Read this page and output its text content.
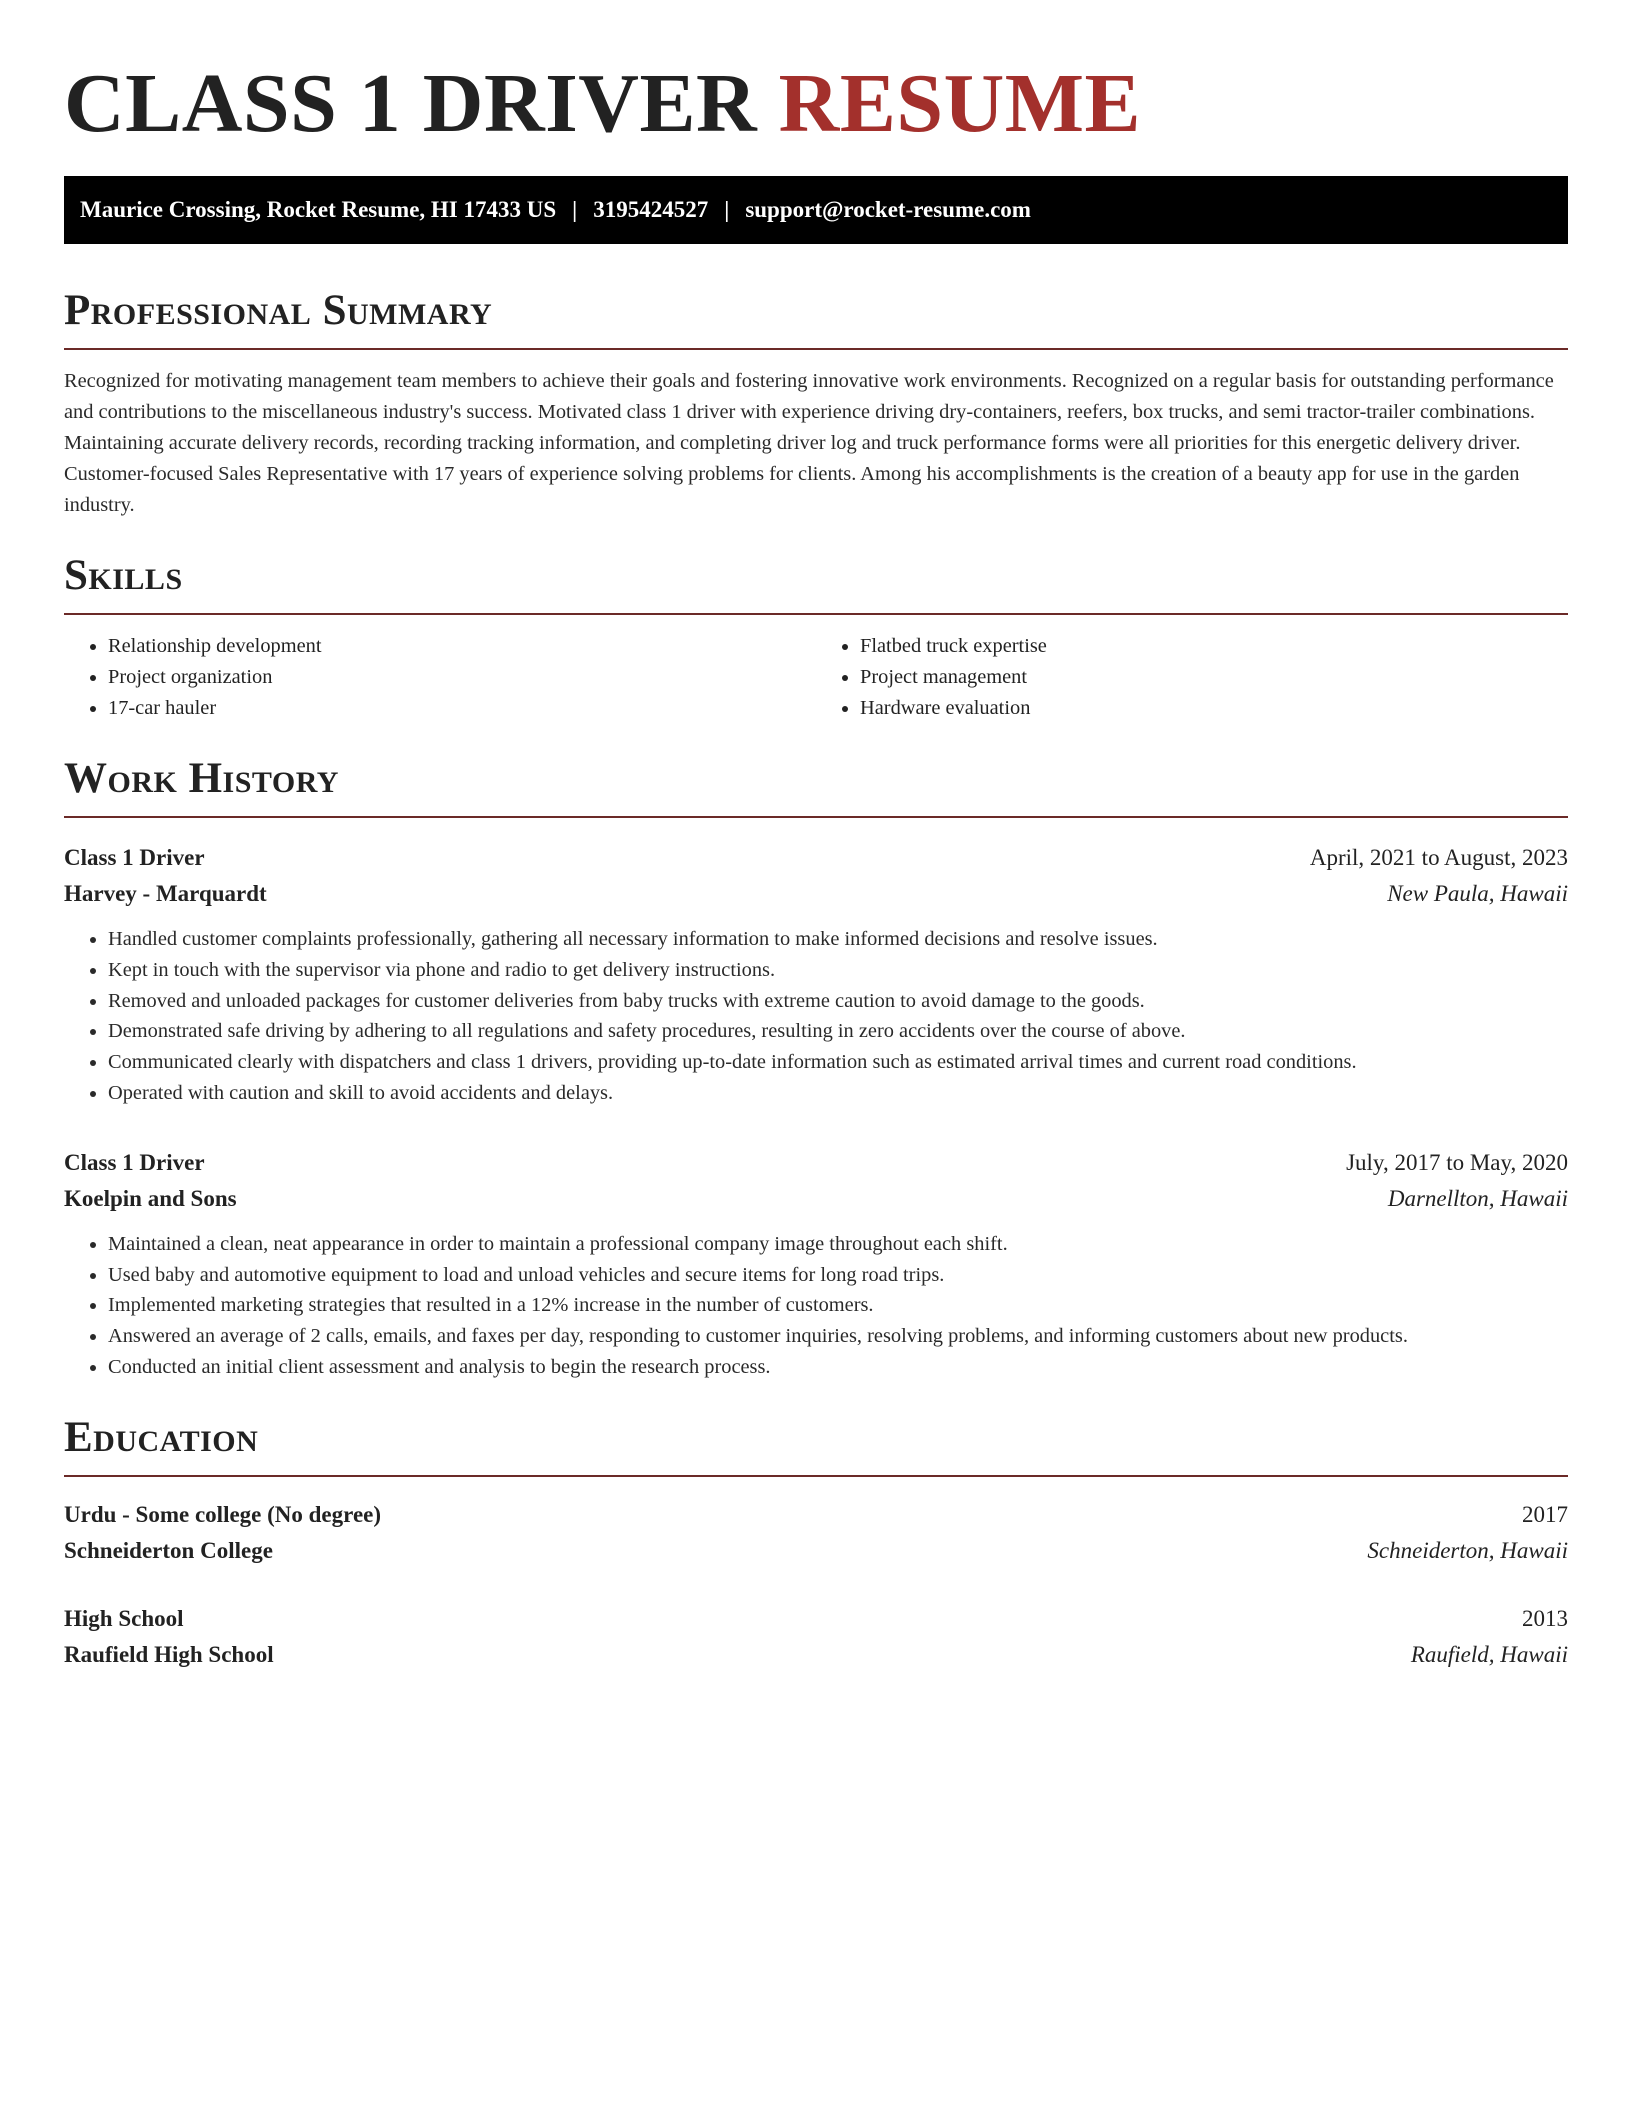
CLASS 1 DRIVER RESUME
Maurice Crossing, Rocket Resume, HI 17433 US | 3195424527 | support@rocket-resume.com
Professional Summary

Recognized for motivating management team members to achieve their goals and fostering innovative work environments. Recognized on a regular basis for outstanding performance and contributions to the miscellaneous industry's success. Motivated class 1 driver with experience driving dry-containers, reefers, box trucks, and semi tractor-trailer combinations. Maintaining accurate delivery records, recording tracking information, and completing driver log and truck performance forms were all priorities for this energetic delivery driver. Customer-focused Sales Representative with 17 years of experience solving problems for clients. Among his accomplishments is the creation of a beauty app for use in the garden industry.

Skills
• Relationship development
• Project organization
• 17-car hauler
• Flatbed truck expertise
• Project management
• Hardware evaluation
Work History
Class 1 Driver	April, 2021 to August, 2023
Harvey - Marquardt	New Paula, Hawaii
• Handled customer complaints professionally, gathering all necessary information to make informed decisions and resolve issues.
• Kept in touch with the supervisor via phone and radio to get delivery instructions.
• Removed and unloaded packages for customer deliveries from baby trucks with extreme caution to avoid damage to the goods.
• Demonstrated safe driving by adhering to all regulations and safety procedures, resulting in zero accidents over the course of above.
• Communicated clearly with dispatchers and class 1 drivers, providing up-to-date information such as estimated arrival times and current road conditions.
• Operated with caution and skill to avoid accidents and delays.
Class 1 Driver	July, 2017 to May, 2020
Koelpin and Sons	Darnellton, Hawaii
• Maintained a clean, neat appearance in order to maintain a professional company image throughout each shift.
• Used baby and automotive equipment to load and unload vehicles and secure items for long road trips.
• Implemented marketing strategies that resulted in a 12% increase in the number of customers.
• Answered an average of 2 calls, emails, and faxes per day, responding to customer inquiries, resolving problems, and informing customers about new products.
• Conducted an initial client assessment and analysis to begin the research process.
Education
Urdu - Some college (No degree)	2017
Schneiderton College	Schneiderton, Hawaii
High School	2013
Raufield High School	Raufield, Hawaii
